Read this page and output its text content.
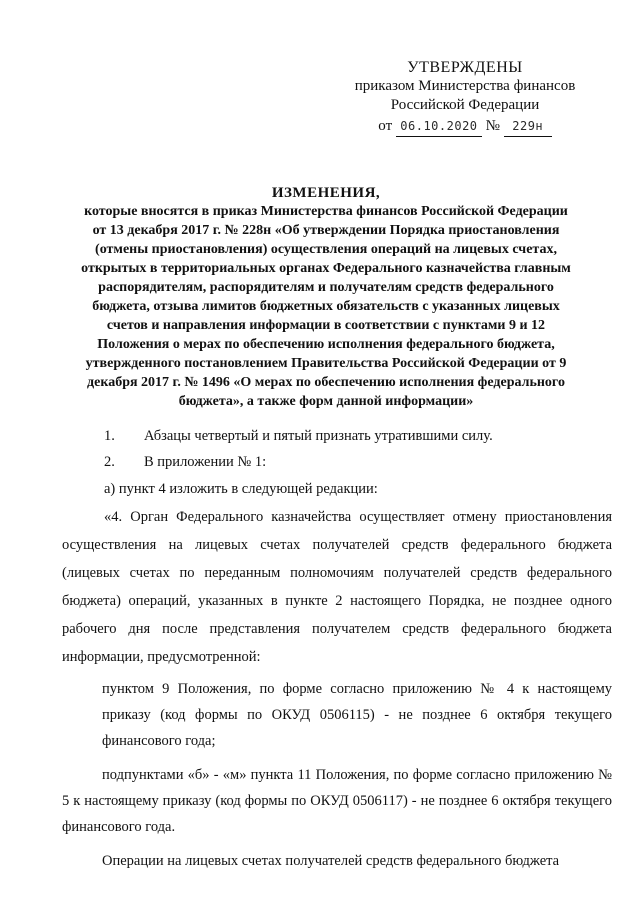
УТВЕРЖДЕНЫ
приказом Министерства финансов
Российской Федерации
от 06.10.2020 № 229н
ИЗМЕНЕНИЯ,
которые вносятся в приказ Министерства финансов Российской Федерации от 13 декабря 2017 г. № 228н «Об утверждении Порядка приостановления (отмены приостановления) осуществления операций на лицевых счетах, открытых в территориальных органах Федерального казначейства главным распорядителям, распорядителям и получателям средств федерального бюджета, отзыва лимитов бюджетных обязательств с указанных лицевых счетов и направления информации в соответствии с пунктами 9 и 12 Положения о мерах по обеспечению исполнения федерального бюджета, утвержденного постановлением Правительства Российской Федерации от 9 декабря 2017 г. № 1496 «О мерах по обеспечению исполнения федерального бюджета», а также форм данной информации»

1. Абзацы четвертый и пятый признать утратившими силу.

2. В приложении № 1:

а) пункт 4 изложить в следующей редакции:

«4. Орган Федерального казначейства осуществляет отмену приостановления осуществления на лицевых счетах получателей средств федерального бюджета (лицевых счетах по переданным полномочиям получателей средств федерального бюджета) операций, указанных в пункте 2 настоящего Порядка, не позднее одного рабочего дня после представления получателем средств федерального бюджета информации, предусмотренной:

пунктом 9 Положения, по форме согласно приложению № 4 к настоящему приказу (код формы по ОКУД 0506115) - не позднее 6 октября текущего финансового года;

подпунктами «б» - «м» пункта 11 Положения, по форме согласно приложению № 5 к настоящему приказу (код формы по ОКУД 0506117) - не позднее 6 октября текущего финансового года.

Операции на лицевых счетах получателей средств федерального бюджета
